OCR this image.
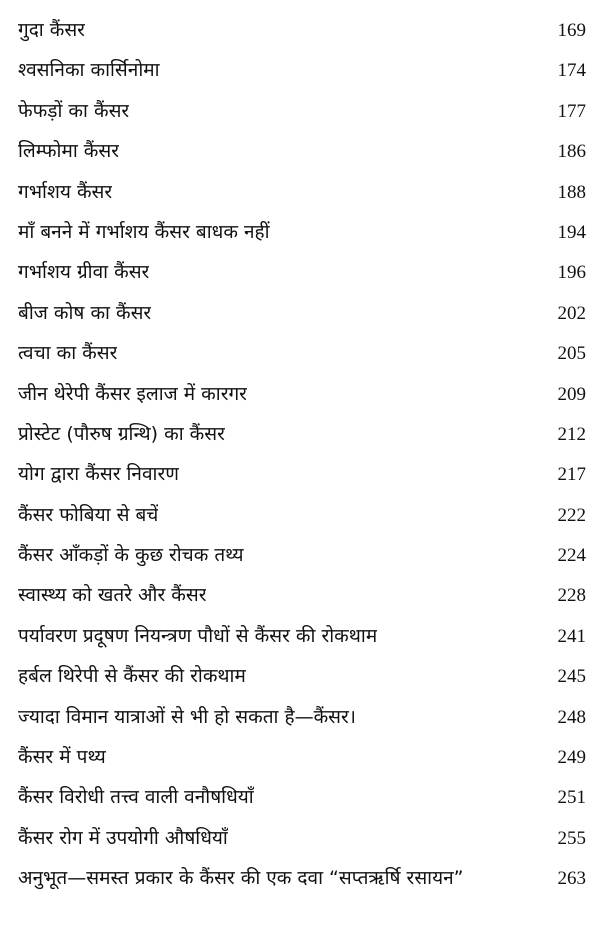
गुदा कैंसर	169
श्वसनिका कार्सिनोमा	174
फेफड़ों का कैंसर	177
लिम्फोमा कैंसर	186
गर्भाशय कैंसर	188
माँ बनने में गर्भाशय कैंसर बाधक नहीं	194
गर्भाशय ग्रीवा कैंसर	196
बीज कोष का कैंसर	202
त्वचा का कैंसर	205
जीन थेरेपी कैंसर इलाज में कारगर	209
प्रोस्टेट (पौरुष ग्रन्थि) का कैंसर	212
योग द्वारा कैंसर निवारण	217
कैंसर फोबिया से बचें	222
कैंसर आँकड़ों के कुछ रोचक तथ्य	224
स्वास्थ्य को खतरे और कैंसर	228
पर्यावरण प्रदूषण नियन्त्रण पौधों से कैंसर की रोकथाम	241
हर्बल थिरेपी से कैंसर की रोकथाम	245
ज्यादा विमान यात्राओं से भी हो सकता है—कैंसर।	248
कैंसर में पथ्य	249
कैंसर विरोधी तत्त्व वाली वनौषधियाँ	251
कैंसर रोग में उपयोगी औषधियाँ	255
अनुभूत—समस्त प्रकार के कैंसर की एक दवा “सप्तऋर्षि रसायन”	263
